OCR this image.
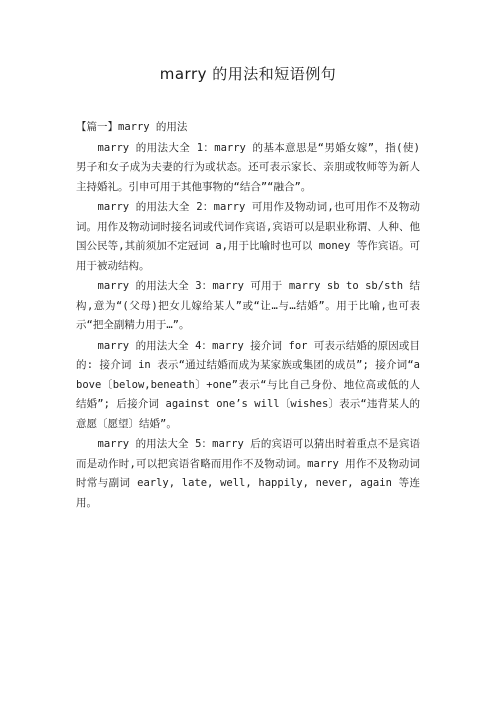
marry 的用法和短语例句
【篇一】marry 的用法

marry 的用法大全 1：marry 的基本意思是“男婚女嫁”，指(使)男子和女子成为夫妻的行为或状态。还可表示家长、亲朋或牧师等为新人主持婚礼。引申可用于其他事物的“结合”“融合”。

marry 的用法大全 2：marry 可用作及物动词,也可用作不及物动词。用作及物动词时接名词或代词作宾语,宾语可以是职业称谓、人种、他国公民等,其前须加不定冠词 a,用于比喻时也可以 money 等作宾语。可用于被动结构。

marry 的用法大全 3：marry 可用于 marry sb to sb/sth 结构,意为“(父母)把女儿嫁给某人”或“让…与…结婚”。用于比喻,也可表示“把全副精力用于…”。

marry 的用法大全 4：marry 接介词 for 可表示结婚的原因或目的: 接介词 in 表示“通过结婚而成为某家族或集团的成员”; 接介词“above〔below,beneath〕+one”表示“与比自己身份、地位高或低的人结婚”; 后接介词 against one’s will〔wishes〕表示“违背某人的意愿〔愿望〕结婚”。

marry 的用法大全 5：marry 后的宾语可以猜出时着重点不是宾语而是动作时,可以把宾语省略而用作不及物动词。marry 用作不及物动词时常与副词 early, late, well, happily, never, again 等连用。
